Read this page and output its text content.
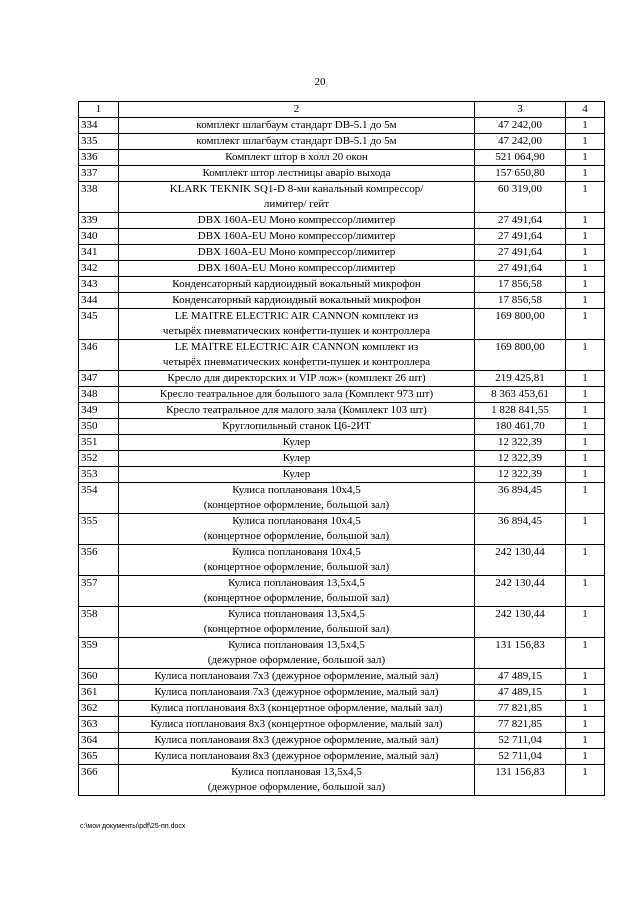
20
1	2	3	4
334	комплект шлагбаум стандарт DB-5.1 до 5м	47 242,00	1
335	комплект шлагбаум стандарт DB-5.1 до 5м	47 242,00	1
336	Комплект штор в холл 20 окон	521 064,90	1
337	Комплект штор лестницы аваріо выхода	157 650,80	1
338	KLARK TEKNIK SQ1-D 8-ми канальный компрессор/
лимитер/ гейт	60 319,00	1
339	DBX 160A-EU Моно компрессор/лимитер	27 491,64	1
340	DBX 160A-EU Моно компрессор/лимитер	27 491,64	1
341	DBX 160A-EU Моно компрессор/лимитер	27 491,64	1
342	DBX 160A-EU Моно компрессор/лимитер	27 491,64	1
343	Конденсаторный кардиоидный вокальный микрофон	17 856,58	1
344	Конденсаторный кардиоидный вокальный микрофон	17 856,58	1
345	LE MAITRE ELECTRIC AIR CANNON комплект из
четырёх пневматических конфетти-пушек и контроллера	169 800,00	1
346	LE MAITRE ELECTRIC AIR CANNON комплект из
четырёх пневматических конфетти-пушек и контроллера	169 800,00	1
347	Кресло для директорских и VIP лож» (комплект 26 шт)	219 425,81	1
348	Кресло театральное для большого зала (Комплект 973 шт)	8 363 453,61	1
349	Кресло театральное для малого зала (Комплект 103 шт)	1 828 841,55	1
350	Круглопильный станок Ц6-2ИТ	180 461,70	1
351	Кулер	12 322,39	1
352	Кулер	12 322,39	1
353	Кулер	12 322,39	1
354	Кулиса попланованя 10х4,5
(концертное оформление, большой зал)	36 894,45	1
355	Кулиса попланованя 10х4,5
(концертное оформление, большой зал)	36 894,45	1
356	Кулиса попланованя 10х4,5
(концертное оформление, большой зал)	242 130,44	1
357	Кулиса поплановаия 13,5х4,5
(концертное оформление, большой зал)	242 130,44	1
358	Кулиса поплановаия 13,5х4,5
(концертное оформление, большой зал)	242 130,44	1
359	Кулиса поплановаия 13,5х4,5
(дежурное оформление, большой зал)	131 156,83	1
360	Кулиса поплановаия 7х3 (дежурное оформление, малый зал)	47 489,15	1
361	Кулиса поплановаия 7х3 (дежурное оформление, малый зал)	47 489,15	1
362	Кулиса поплановаия 8х3 (концертное оформление, малый зал)	77 821,85	1
363	Кулиса поплановаия 8х3 (концертное оформление, малый зал)	77 821,85	1
364	Кулиса поплановаия 8х3 (дежурное оформление, малый зал)	52 711,04	1
365	Кулиса поплановаия 8х3 (дежурное оформление, малый зал)	52 711,04	1
366	Кулиса поплановая 13,5х4,5
(дежурное оформление, большой зал)	131 156,83	1
c:\мои документы\pdf\25-пп.docx
